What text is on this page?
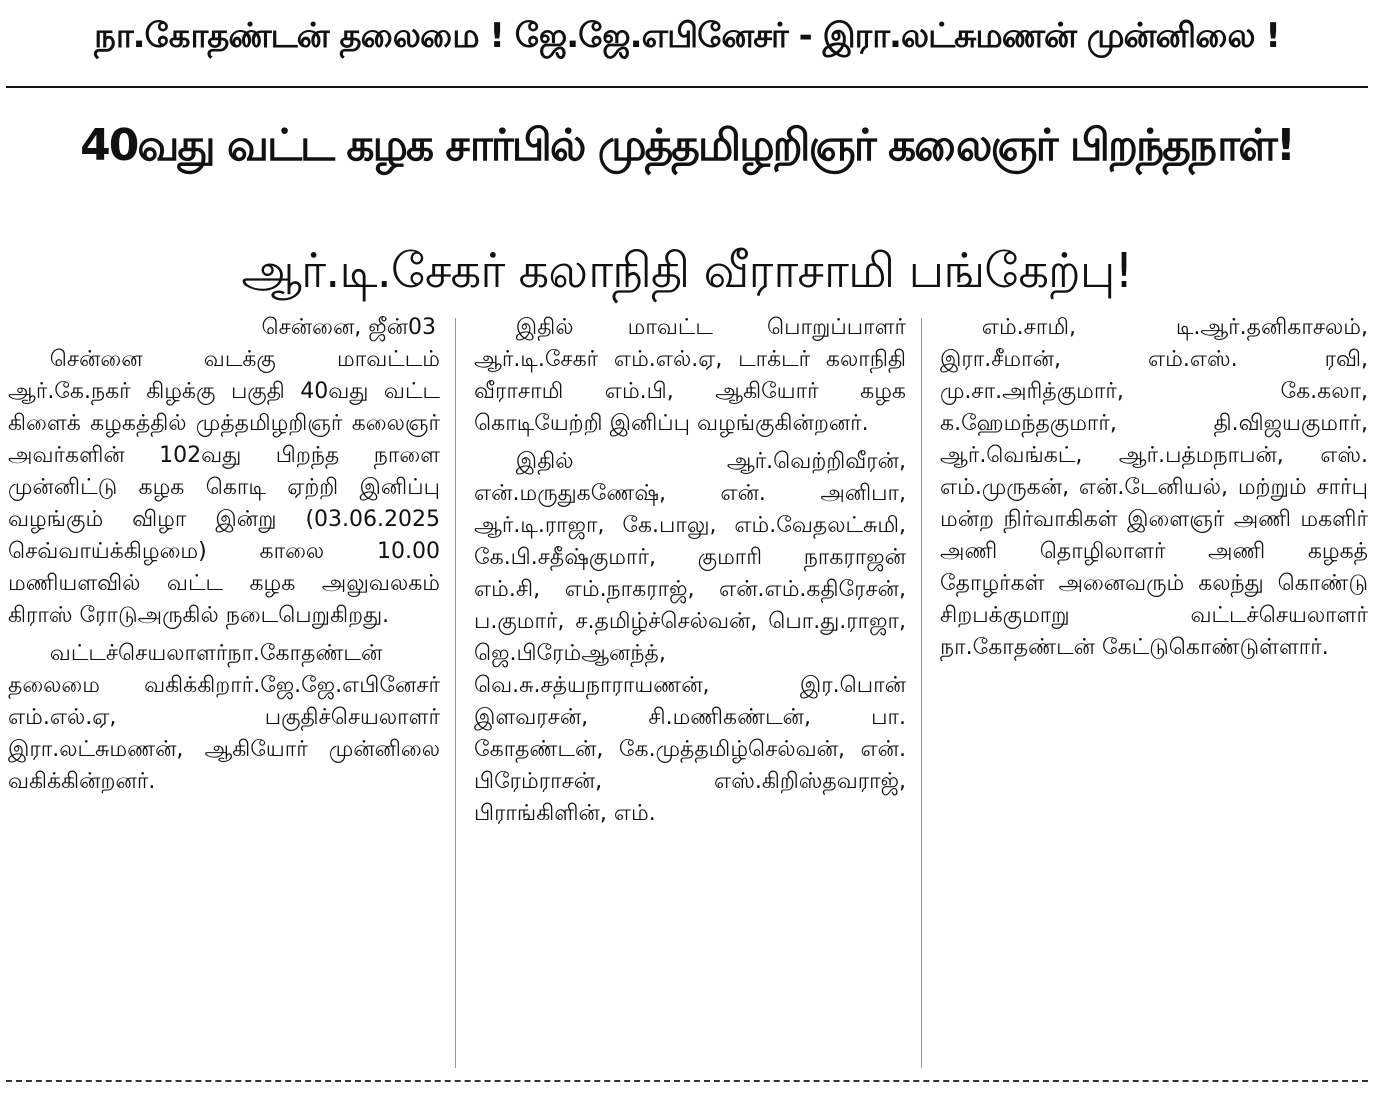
நா.கோதண்டன் தலைமை ! ஜே.ஜே.எபினேசர் - இரா.லட்சுமணன் முன்னிலை !
40வது வட்ட கழக சார்பில் முத்தமிழறிஞர் கலைஞர் பிறந்தநாள்!
ஆர்.டி.சேகர் கலாநிதி வீராசாமி பங்கேற்பு!
சென்னை, ஜீன்03

சென்னை வடக்கு மாவட்டம் ஆர்.கே.நகர் கிழக்கு பகுதி 40வது வட்ட கிளைக் கழகத்தில் முத்தமிழறிஞர் கலைஞர் அவர்களின் 102வது பிறந்த நாளை முன்னிட்டு கழக கொடி ஏற்றி இனிப்பு வழங்கும் விழா இன்று (03.06.2025 செவ்வாய்க்கிழமை) காலை 10.00 மணியளவில் வட்ட கழக அலுவலகம் கிராஸ் ரோடுஅருகில் நடைபெறுகிறது.

வட்டச்செயலாளர்நா.கோதண்டன் தலைமை வகிக்கிறார்.ஜே.ஜே.எபினேசர் எம்.எல்.ஏ, பகுதிச்செயலாளர் இரா.லட்சுமணன், ஆகியோர் முன்னிலை வகிக்கின்றனர்.

இதில் மாவட்ட பொறுப்பாளர் ஆர்.டி.சேகர் எம்.எல்.ஏ, டாக்டர் கலாநிதி வீராசாமி எம்.பி, ஆகியோர் கழக கொடியேற்றி இனிப்பு வழங்குகின்றனர்.

இதில் ஆர்.வெற்றிவீரன், என்.மருதுகணேஷ், என். அனிபா, ஆர்.டி.ராஜா, கே.பாலு, எம்.வேதலட்சுமி, கே.பி.சதீஷ்குமார், குமாரி நாகராஜன் எம்.சி, எம்.நாகராஜ், என்.எம்.கதிரேசன், ப.குமார், ச.தமிழ்ச்செல்வன், பொ.து.ராஜா, ஜெ.பிரேம்ஆனந்த், வெ.சு.சத்யநாராயணன், இர.பொன் இளவரசன், சி.மணிகண்டன், பா. கோதண்டன், கே.முத்தமிழ்செல்வன், என். பிரேம்ராசன், எஸ்.கிறிஸ்தவராஜ், பிராங்கிளின், எம்.

எம்.சாமி, டி.ஆர்.தனிகாசலம், இரா.சீமான், எம்.எஸ். ரவி, மு.சா.அரித்குமார், கே.கலா, க.ஹேமந்தகுமார், தி.விஜயகுமார், ஆர்.வெங்கட், ஆர்.பத்மநாபன், எஸ். எம்.முருகன், என்.டேனியல், மற்றும் சார்பு மன்ற நிர்வாகிகள் இளைஞர் அணி மகளிர் அணி தொழிலாளர் அணி கழகத் தோழர்கள் அனைவரும் கலந்து கொண்டு சிறபக்குமாறு வட்டச்செயலாளர் நா.கோதண்டன் கேட்டுகொண்டுள்ளார்.
